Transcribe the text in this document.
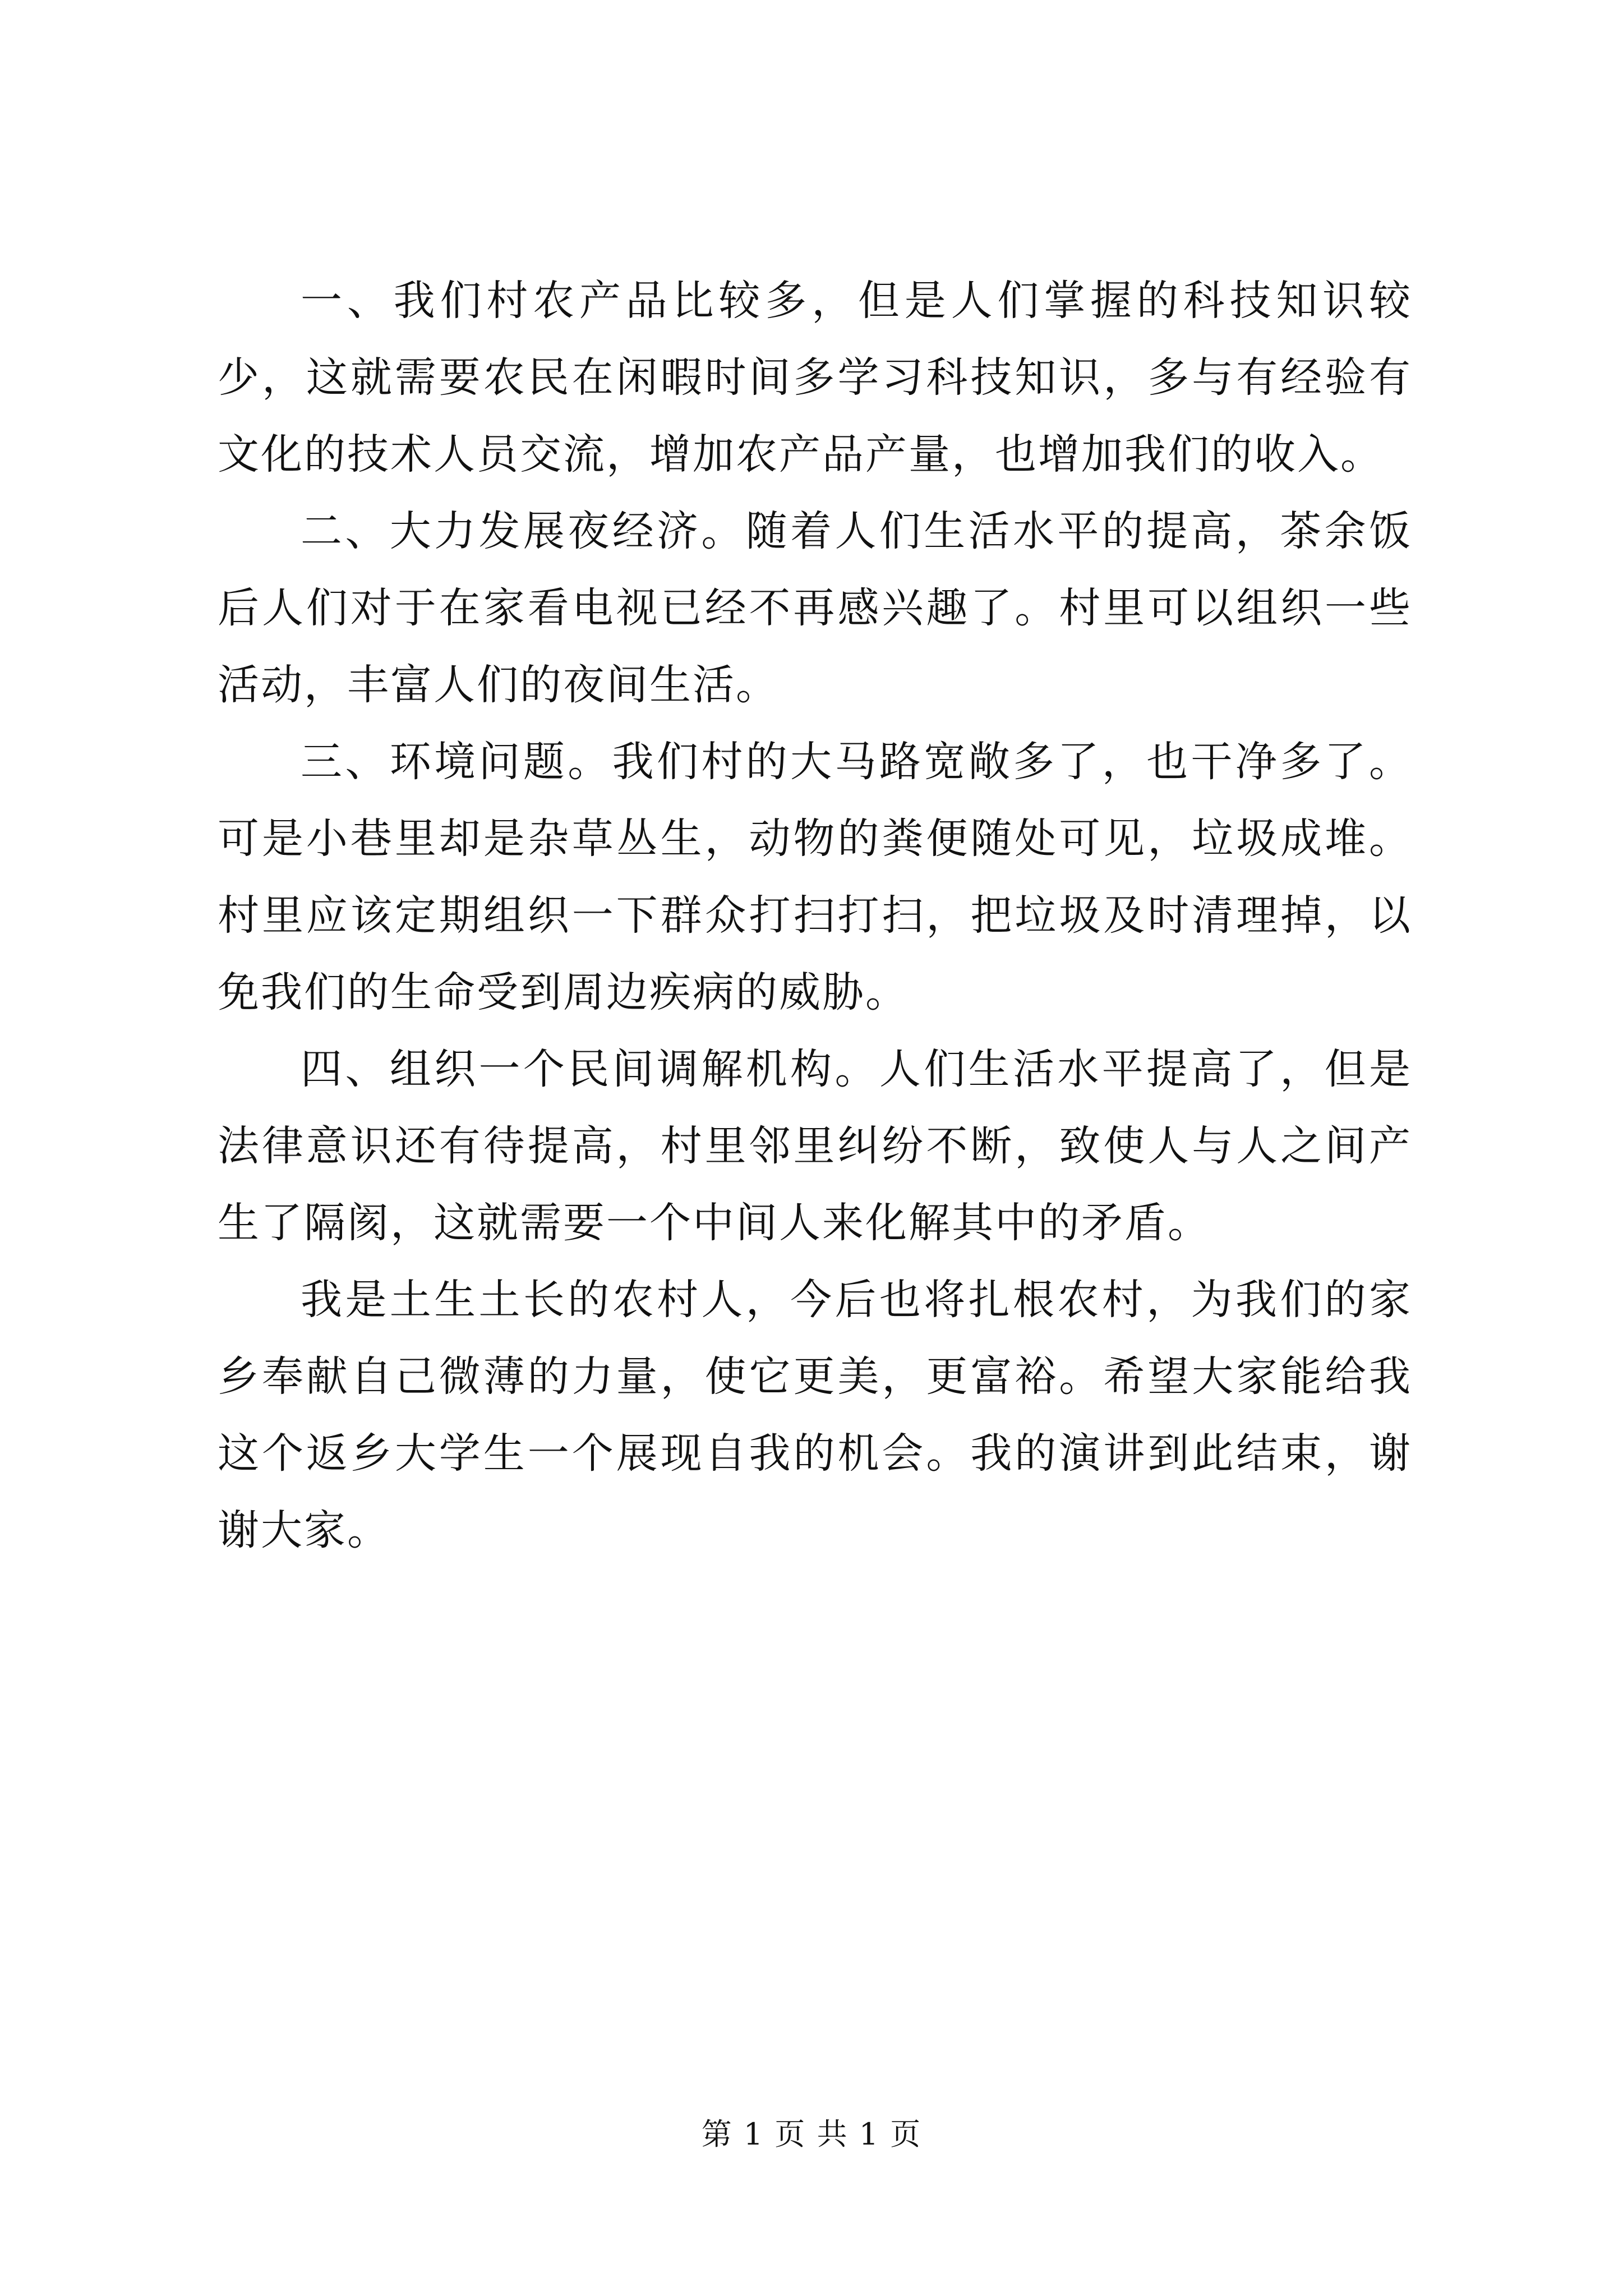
一、我们村农产品比较多，但是人们掌握的科技知识较少，这就需要农民在闲暇时间多学习科技知识，多与有经验有文化的技术人员交流，增加农产品产量，也增加我们的收入。

二、大力发展夜经济。随着人们生活水平的提高，茶余饭后人们对于在家看电视已经不再感兴趣了。村里可以组织一些活动，丰富人们的夜间生活。

三、环境问题。我们村的大马路宽敞多了，也干净多了。可是小巷里却是杂草丛生，动物的粪便随处可见，垃圾成堆。村里应该定期组织一下群众打扫打扫，把垃圾及时清理掉，以免我们的生命受到周边疾病的威胁。

四、组织一个民间调解机构。人们生活水平提高了，但是法律意识还有待提高，村里邻里纠纷不断，致使人与人之间产生了隔阂，这就需要一个中间人来化解其中的矛盾。

我是土生土长的农村人，今后也将扎根农村，为我们的家乡奉献自己微薄的力量，使它更美，更富裕。希望大家能给我这个返乡大学生一个展现自我的机会。我的演讲到此结束，谢谢大家。

第 1 页 共 1 页
